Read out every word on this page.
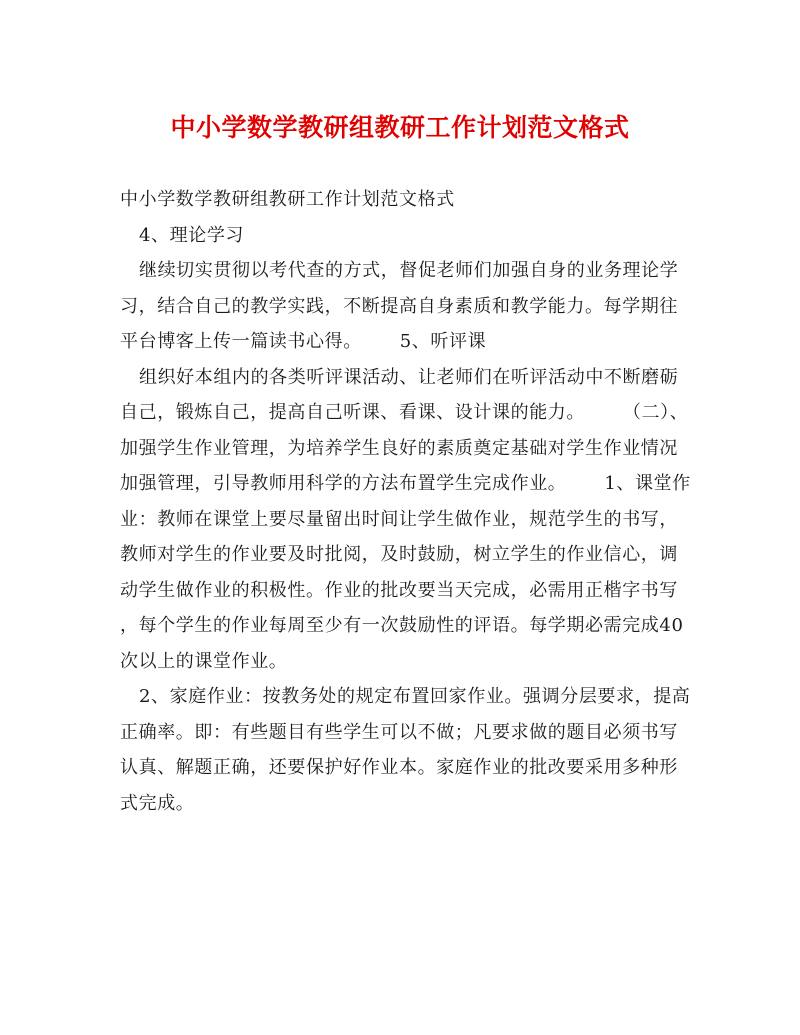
中小学数学教研组教研工作计划范文格式

中小学数学教研组教研工作计划范文格式

4、理论学习

继续切实贯彻以考代查的方式，督促老师们加强自身的业务理论学

习，结合自己的教学实践，不断提高自身素质和教学能力。每学期往

平台博客上传一篇读书心得。      5、听评课

组织好本组内的各类听评课活动、让老师们在听评活动中不断磨砺

自己，锻炼自己，提高自己听课、看课、设计课的能力。      （二）、

加强学生作业管理，为培养学生良好的素质奠定基础对学生作业情况

加强管理，引导教师用科学的方法布置学生完成作业。      1、课堂作

业：教师在课堂上要尽量留出时间让学生做作业，规范学生的书写，

教师对学生的作业要及时批阅，及时鼓励，树立学生的作业信心，调

动学生做作业的积极性。作业的批改要当天完成，必需用正楷字书写

，每个学生的作业每周至少有一次鼓励性的评语。每学期必需完成40

次以上的课堂作业。

2、家庭作业：按教务处的规定布置回家作业。强调分层要求，提高

正确率。即：有些题目有些学生可以不做；凡要求做的题目必须书写

认真、解题正确，还要保护好作业本。家庭作业的批改要采用多种形

式完成。
